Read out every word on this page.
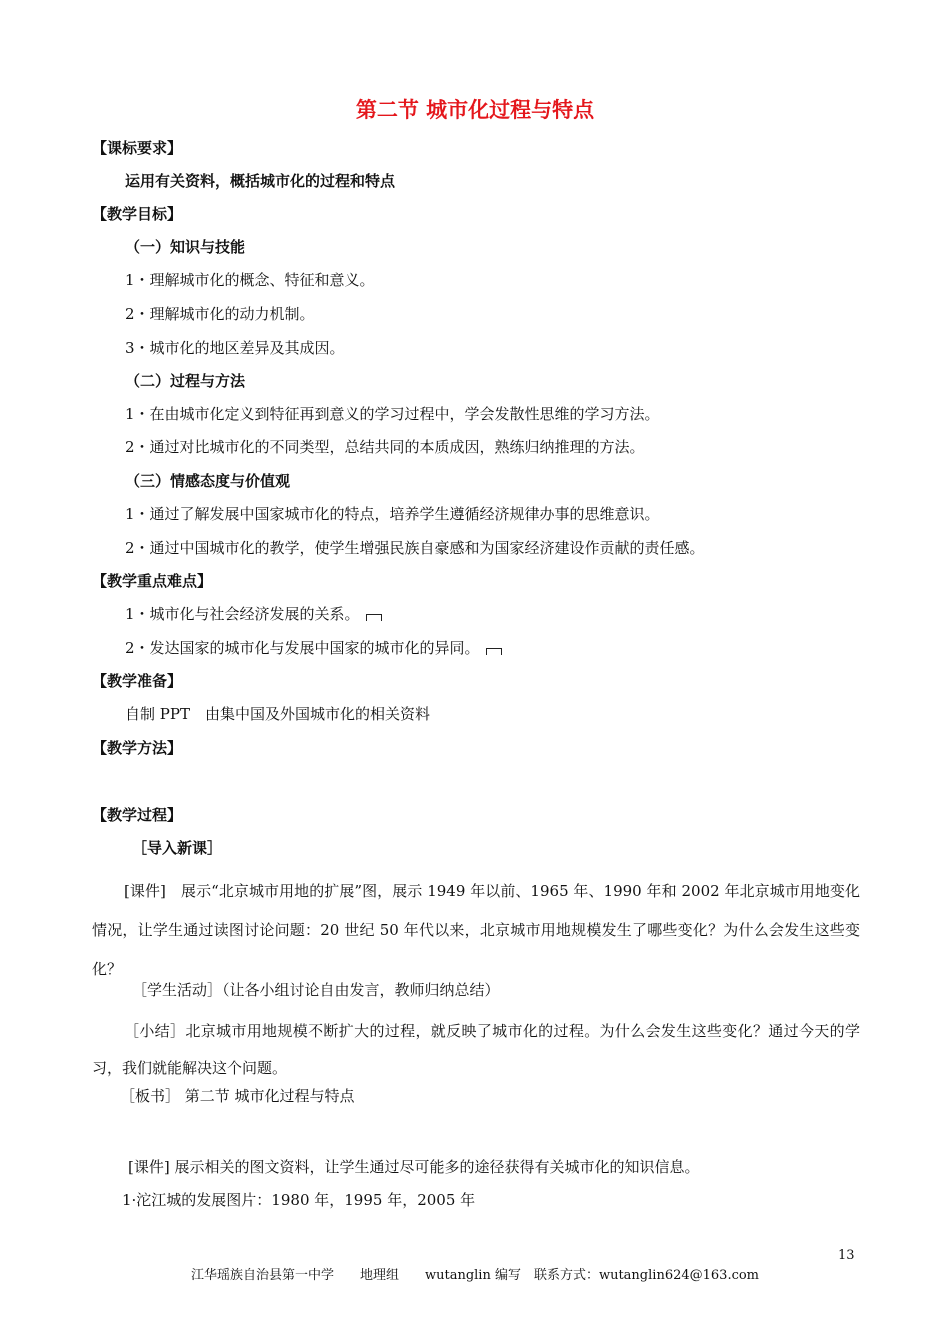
第二节 城市化过程与特点
【课标要求】
运用有关资料，概括城市化的过程和特点
【教学目标】
（一）知识与技能
1・理解城市化的概念、特征和意义。
2・理解城市化的动力机制。
3・城市化的地区差异及其成因。
（二）过程与方法
1・在由城市化定义到特征再到意义的学习过程中，学会发散性思维的学习方法。
2・通过对比城市化的不同类型，总结共同的本质成因，熟练归纳推理的方法。
（三）情感态度与价值观
1・通过了解发展中国家城市化的特点，培养学生遵循经济规律办事的思维意识。
2・通过中国城市化的教学，使学生增强民族自豪感和为国家经济建设作贡献的责任感。
【教学重点难点】
1・城市化与社会经济发展的关系。
2・发达国家的城市化与发展中国家的城市化的异同。
【教学准备】
自制 PPT　由集中国及外国城市化的相关资料
【教学方法】
【教学过程】
［导入新课］
[课件]　展示“北京城市用地的扩展”图，展示 1949 年以前、1965 年、1990 年和 2002 年北京城市用地变化情况，让学生通过读图讨论问题：20 世纪 50 年代以来，北京城市用地规模发生了哪些变化？为什么会发生这些变化？
［学生活动］（让各小组讨论自由发言，教师归纳总结）
［小结］北京城市用地规模不断扩大的过程，就反映了城市化的过程。为什么会发生这些变化？通过今天的学习，我们就能解决这个问题。
［板书］ 第二节 城市化过程与特点
[课件] 展示相关的图文资料，让学生通过尽可能多的途径获得有关城市化的知识信息。
1·沱江城的发展图片：1980 年，1995 年，2005 年
13
江华瑶族自治县第一中学　　地理组　　wutanglin 编写　联系方式：wutanglin624@163.com
